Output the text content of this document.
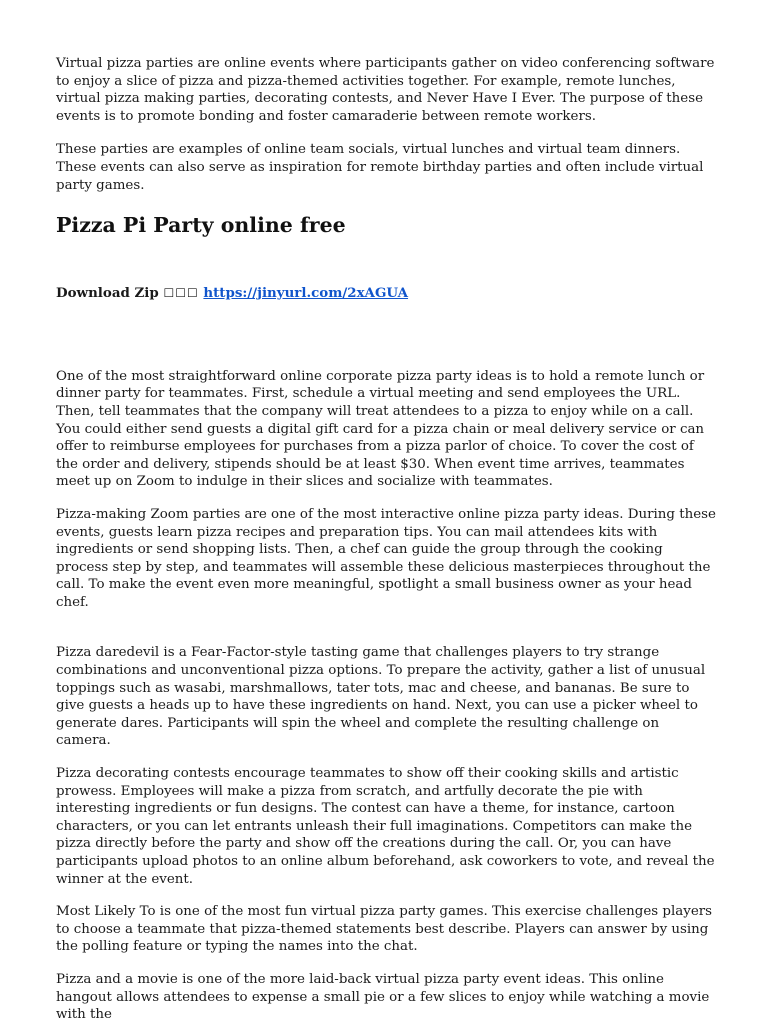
Virtual pizza parties are online events where participants gather on video conferencing software to enjoy a slice of pizza and pizza-themed activities together. For example, remote lunches, virtual pizza making parties, decorating contests, and Never Have I Ever. The purpose of these events is to promote bonding and foster camaraderie between remote workers.

These parties are examples of online team socials, virtual lunches and virtual team dinners. These events can also serve as inspiration for remote birthday parties and often include virtual party games.

Pizza Pi Party online free
Download Zip ☐☐☐ https://jinyurl.com/2xAGUA

One of the most straightforward online corporate pizza party ideas is to hold a remote lunch or dinner party for teammates. First, schedule a virtual meeting and send employees the URL. Then, tell teammates that the company will treat attendees to a pizza to enjoy while on a call. You could either send guests a digital gift card for a pizza chain or meal delivery service or can offer to reimburse employees for purchases from a pizza parlor of choice. To cover the cost of the order and delivery, stipends should be at least $30. When event time arrives, teammates meet up on Zoom to indulge in their slices and socialize with teammates.

Pizza-making Zoom parties are one of the most interactive online pizza party ideas. During these events, guests learn pizza recipes and preparation tips. You can mail attendees kits with ingredients or send shopping lists. Then, a chef can guide the group through the cooking process step by step, and teammates will assemble these delicious masterpieces throughout the call. To make the event even more meaningful, spotlight a small business owner as your head chef.

Pizza daredevil is a Fear-Factor-style tasting game that challenges players to try strange combinations and unconventional pizza options. To prepare the activity, gather a list of unusual toppings such as wasabi, marshmallows, tater tots, mac and cheese, and bananas. Be sure to give guests a heads up to have these ingredients on hand. Next, you can use a picker wheel to generate dares. Participants will spin the wheel and complete the resulting challenge on camera.

Pizza decorating contests encourage teammates to show off their cooking skills and artistic prowess. Employees will make a pizza from scratch, and artfully decorate the pie with interesting ingredients or fun designs. The contest can have a theme, for instance, cartoon characters, or you can let entrants unleash their full imaginations. Competitors can make the pizza directly before the party and show off the creations during the call. Or, you can have participants upload photos to an online album beforehand, ask coworkers to vote, and reveal the winner at the event.

Most Likely To is one of the most fun virtual pizza party games. This exercise challenges players to choose a teammate that pizza-themed statements best describe. Players can answer by using the polling feature or typing the names into the chat.

Pizza and a movie is one of the more laid-back virtual pizza party event ideas. This online hangout allows attendees to expense a small pie or a few slices to enjoy while watching a movie with the
